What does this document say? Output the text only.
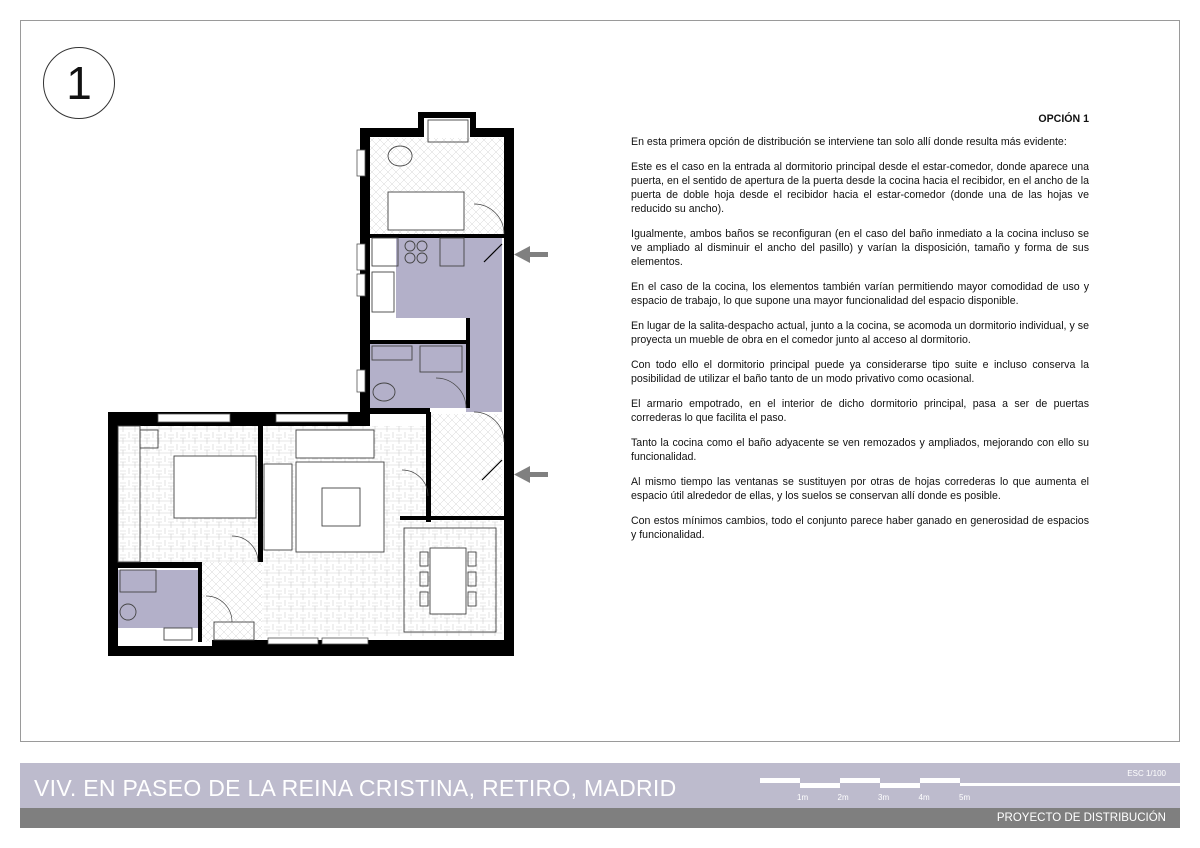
1
OPCIÓN 1

En esta primera opción de distribución se interviene tan solo allí donde resulta más evidente:

Este es el caso en la entrada al dormitorio principal desde el estar-comedor, donde aparece una puerta, en el sentido de apertura de la puerta desde la cocina hacia el recibidor, en el ancho de la puerta de doble hoja desde el recibidor hacia el estar-comedor (donde una de las hojas ve reducido su ancho).

Igualmente, ambos baños se reconfiguran (en el caso del baño inmediato a la cocina incluso se ve ampliado al disminuir el ancho del pasillo) y varían la disposición, tamaño y forma de sus elementos.

En el caso de la cocina, los elementos también varían permitiendo mayor comodidad de uso y espacio de trabajo, lo que supone una mayor funcionalidad del espacio disponible.

En lugar de la salita-despacho actual, junto a la cocina, se acomoda un dormitorio individual, y se proyecta un mueble de obra en el comedor junto al acceso al dormitorio.

Con todo ello el dormitorio principal puede ya considerarse tipo suite e incluso conserva la posibilidad de utilizar el baño tanto de un modo privativo como ocasional.

El armario empotrado, en el interior de dicho dormitorio principal, pasa a ser de puertas correderas lo que facilita el paso.

Tanto la cocina como el baño adyacente se ven remozados y ampliados, mejorando con ello su funcionalidad.

Al mismo tiempo las ventanas se sustituyen por otras de hojas correderas lo que aumenta el espacio útil alrededor de ellas, y los suelos se conservan allí donde es posible.

Con estos mínimos cambios, todo el conjunto parece haber ganado en generosidad de espacios y funcionalidad.

VIV. EN PASEO DE LA REINA CRISTINA, RETIRO, MADRID
ESC 1/100
1m	2m	3m	4m	5m
PROYECTO DE DISTRIBUCIÓN
